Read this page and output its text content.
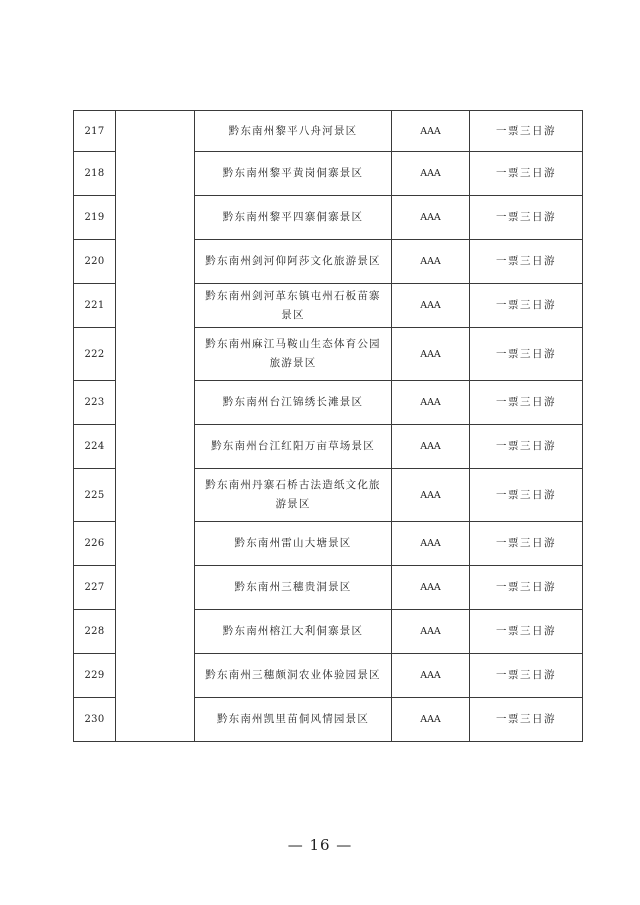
217		黔东南州黎平八舟河景区	AAA	一票三日游
218		黔东南州黎平黄岗侗寨景区	AAA	一票三日游
219		黔东南州黎平四寨侗寨景区	AAA	一票三日游
220		黔东南州剑河仰阿莎文化旅游景区	AAA	一票三日游
221		黔东南州剑河革东镇屯州石板苗寨景区	AAA	一票三日游
222		黔东南州麻江马鞍山生态体育公园旅游景区	AAA	一票三日游
223		黔东南州台江锦绣长滩景区	AAA	一票三日游
224		黔东南州台江红阳万亩草场景区	AAA	一票三日游
225		黔东南州丹寨石桥古法造纸文化旅游景区	AAA	一票三日游
226		黔东南州雷山大塘景区	AAA	一票三日游
227		黔东南州三穗贵洞景区	AAA	一票三日游
228		黔东南州榕江大利侗寨景区	AAA	一票三日游
229		黔东南州三穗颇洞农业体验园景区	AAA	一票三日游
230		黔东南州凯里苗侗风情园景区	AAA	一票三日游
— 16 —
